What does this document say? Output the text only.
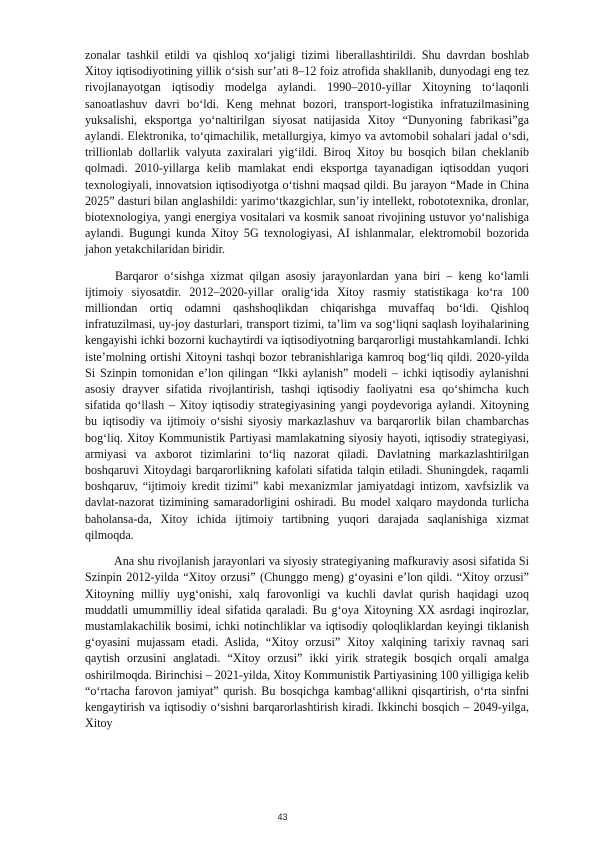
zonalar tashkil etildi va qishloq xo‘jaligi tizimi liberallashtirildi. Shu davrdan boshlab Xitoy iqtisodiyotining yillik o‘sish sur’ati 8–12 foiz atrofida shakllanib, dunyodagi eng tez rivojlanayotgan iqtisodiy modelga aylandi. 1990–2010-yillar Xitoyning to‘laqonli sanoatlashuv davri bo‘ldi. Keng mehnat bozori, transport-logistika infratuzilmasining yuksalishi, eksportga yo‘naltirilgan siyosat natijasida Xitoy “Dunyoning fabrikasi”ga aylandi. Elektronika, to‘qimachilik, metallurgiya, kimyo va avtomobil sohalari jadal o‘sdi, trillionlab dollarlik valyuta zaxiralari yig‘ildi. Biroq Xitoy bu bosqich bilan cheklanib qolmadi. 2010-yillarga kelib mamlakat endi eksportga tayanadigan iqtisoddan yuqori texnologiyali, innovatsion iqtisodiyotga o‘tishni maqsad qildi. Bu jarayon “Made in China 2025” dasturi bilan anglashildi: yarimo‘tkazgichlar, sun’iy intellekt, robototexnika, dronlar, biotexnologiya, yangi energiya vositalari va kosmik sanoat rivojining ustuvor yo‘nalishiga aylandi. Bugungi kunda Xitoy 5G texnologiyasi, AI ishlanmalar, elektromobil bozorida jahon yetakchilaridan biridir.

Barqaror o‘sishga xizmat qilgan asosiy jarayonlardan yana biri – keng ko‘lamli ijtimoiy siyosatdir. 2012–2020-yillar oralig‘ida Xitoy rasmiy statistikaga ko‘ra 100 milliondan ortiq odamni qashshoqlikdan chiqarishga muvaffaq bo‘ldi. Qishloq infratuzilmasi, uy-joy dasturlari, transport tizimi, ta’lim va sog‘liqni saqlash loyihalarining kengayishi ichki bozorni kuchaytirdi va iqtisodiyotning barqarorligi mustahkamlandi. Ichki iste’molning ortishi Xitoyni tashqi bozor tebranishlariga kamroq bog‘liq qildi. 2020-yilda Si Szinpin tomonidan e’lon qilingan “Ikki aylanish” modeli – ichki iqtisodiy aylanishni asosiy drayver sifatida rivojlantirish, tashqi iqtisodiy faoliyatni esa qo‘shimcha kuch sifatida qo‘llash – Xitoy iqtisodiy strategiyasining yangi poydevoriga aylandi. Xitoyning bu iqtisodiy va ijtimoiy o‘sishi siyosiy markazlashuv va barqarorlik bilan chambarchas bog‘liq. Xitoy Kommunistik Partiyasi mamlakatning siyosiy hayoti, iqtisodiy strategiyasi, armiyasi va axborot tizimlarini to‘liq nazorat qiladi. Davlatning markazlashtirilgan boshqaruvi Xitoydagi barqarorlikning kafolati sifatida talqin etiladi. Shuningdek, raqamli boshqaruv, “ijtimoiy kredit tizimi” kabi mexanizmlar jamiyatdagi intizom, xavfsizlik va davlat-nazorat tizimining samaradorligini oshiradi. Bu model xalqaro maydonda turlicha baholansa-da, Xitoy ichida ijtimoiy tartibning yuqori darajada saqlanishiga xizmat qilmoqda.

Ana shu rivojlanish jarayonlari va siyosiy strategiyaning mafkuraviy asosi sifatida Si Szinpin 2012-yilda “Xitoy orzusi” (Chunggo meng) g‘oyasini e’lon qildi. “Xitoy orzusi” Xitoyning milliy uyg‘onishi, xalq farovonligi va kuchli davlat qurish haqidagi uzoq muddatli umummilliy ideal sifatida qaraladi. Bu g‘oya Xitoyning XX asrdagi inqirozlar, mustamlakachilik bosimi, ichki notinchliklar va iqtisodiy qoloqliklardan keyingi tiklanish g‘oyasini mujassam etadi. Aslida, “Xitoy orzusi” Xitoy xalqining tarixiy ravnaq sari qaytish orzusini anglatadi. “Xitoy orzusi” ikki yirik strategik bosqich orqali amalga oshirilmoqda. Birinchisi – 2021-yilda, Xitoy Kommunistik Partiyasining 100 yilligiga kelib “o‘rtacha farovon jamiyat” qurish. Bu bosqichga kambag‘allikni qisqartirish, o‘rta sinfni kengaytirish va iqtisodiy o‘sishni barqarorlashtirish kiradi. Ikkinchi bosqich – 2049-yilga, Xitoy

43
